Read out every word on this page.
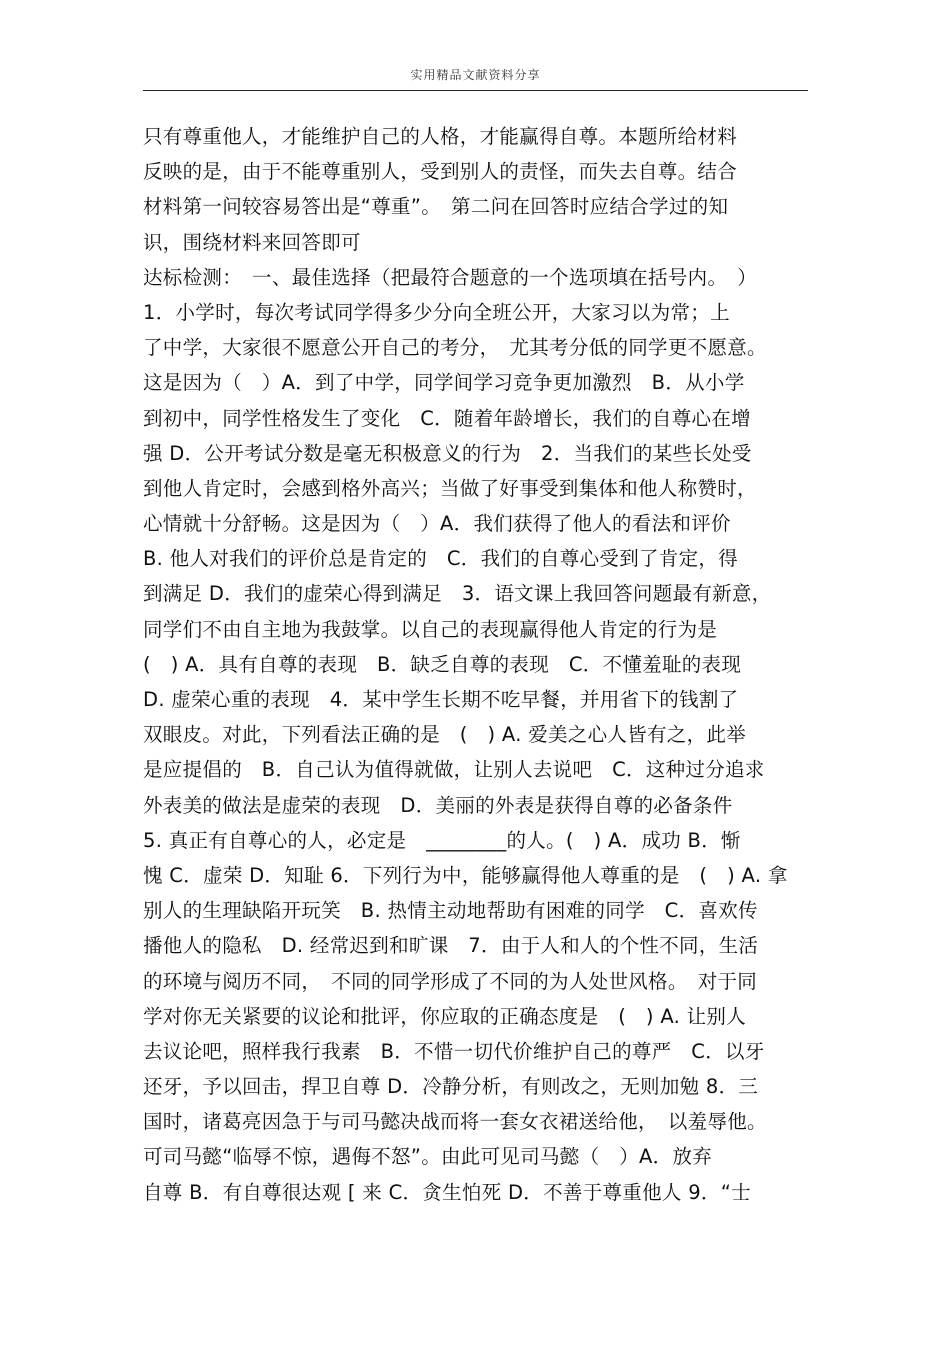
实用精品文献资料分享
只有尊重他人，才能维护自己的人格，才能赢得自尊。本题所给材料
反映的是，由于不能尊重别人，受到别人的责怪，而失去自尊。结合
材料第一问较容易答出是“尊重”。　第二问在回答时应结合学过的知
识，围绕材料来回答即可
达标检测：　一、最佳选择（把最符合题意的一个选项填在括号内。　）
1．小学时，每次考试同学得多少分向全班公开，大家习以为常；上
了中学，大家很不愿意公开自己的考分，　尤其考分低的同学更不愿意。
这是因为（　）A．到了中学，同学间学习竞争更加激烈　B．从小学
到初中，同学性格发生了变化　C．随着年龄增长，我们的自尊心在增
强 D．公开考试分数是毫无积极意义的行为　2．当我们的某些长处受
到他人肯定时，会感到格外高兴；当做了好事受到集体和他人称赞时，
心情就十分舒畅。这是因为（　）A．我们获得了他人的看法和评价
B. 他人对我们的评价总是肯定的　C．我们的自尊心受到了肯定，得
到满足 D．我们的虚荣心得到满足　3．语文课上我回答问题最有新意，
同学们不由自主地为我鼓掌。以自己的表现赢得他人肯定的行为是
(　) A．具有自尊的表现　B．缺乏自尊的表现　C．不懂羞耻的表现
D. 虚荣心重的表现　4．某中学生长期不吃早餐，并用省下的钱割了
双眼皮。对此，下列看法正确的是　(　) A. 爱美之心人皆有之，此举
是应提倡的　B．自己认为值得就做，让别人去说吧　C．这种过分追求
外表美的做法是虚荣的表现　D．美丽的外表是获得自尊的必备条件
5. 真正有自尊心的人，必定是　________的人。(　) A．成功 B．惭
愧 C．虚荣 D．知耻 6．下列行为中，能够赢得他人尊重的是　(　) A. 拿
别人的生理缺陷开玩笑　B. 热情主动地帮助有困难的同学　C．喜欢传
播他人的隐私　D. 经常迟到和旷课　7．由于人和人的个性不同，生活
的环境与阅历不同，　不同的同学形成了不同的为人处世风格。　对于同
学对你无关紧要的议论和批评，你应取的正确态度是　(　) A. 让别人
去议论吧，照样我行我素　B．不惜一切代价维护自己的尊严　C．以牙
还牙，予以回击，捍卫自尊 D．冷静分析，有则改之，无则加勉 8．三
国时，诸葛亮因急于与司马懿决战而将一套女衣裙送给他，　以羞辱他。
可司马懿“临辱不惊，遇侮不怒”。由此可见司马懿（　）A．放弃
自尊 B．有自尊很达观 [ 来 C．贪生怕死 D．不善于尊重他人 9．“士
